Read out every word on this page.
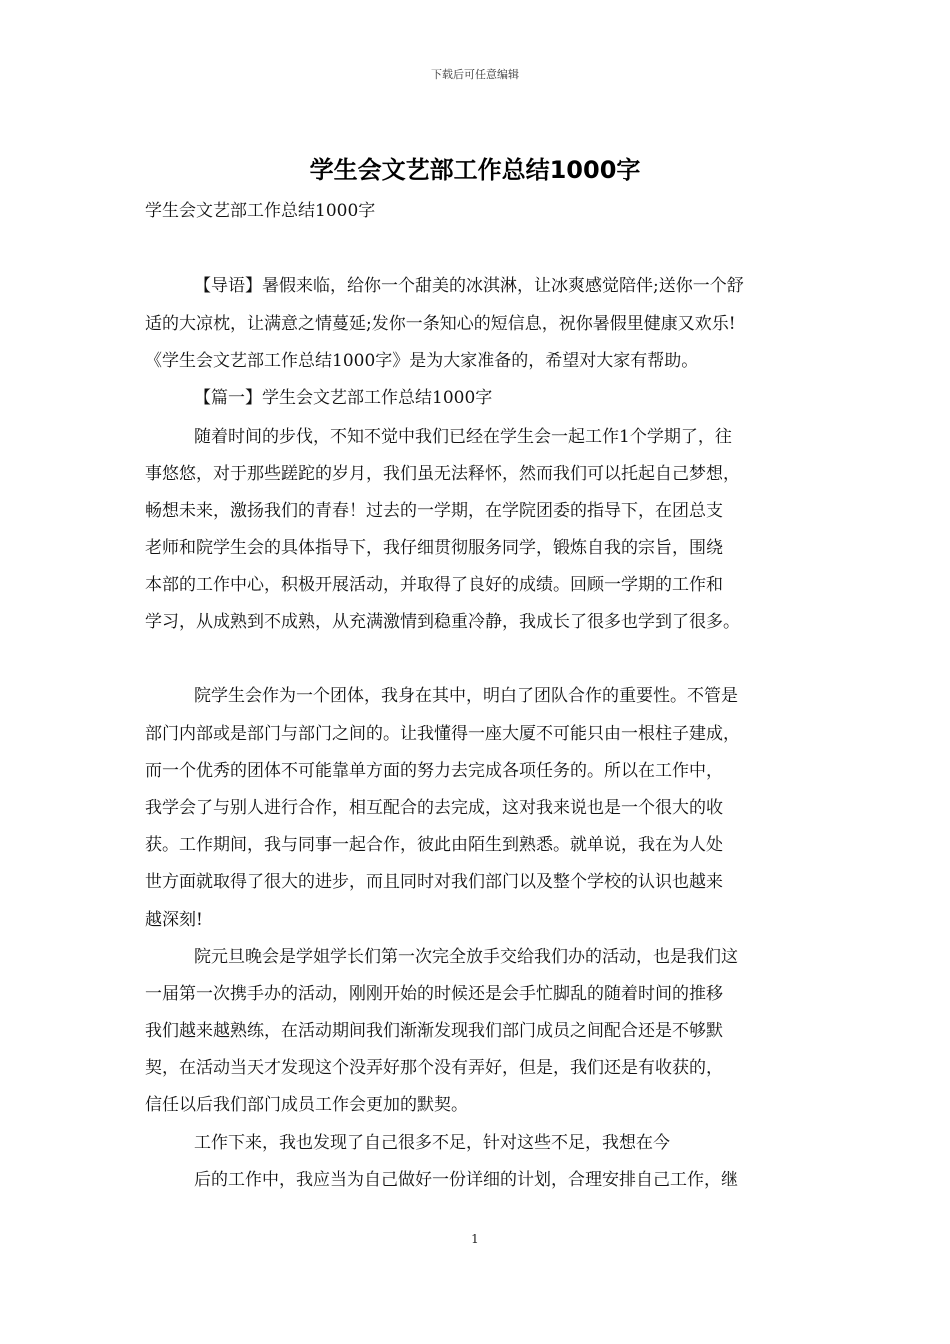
下载后可任意编辑
学生会文艺部工作总结1000字
学生会文艺部工作总结1000字
【导语】暑假来临，给你一个甜美的冰淇淋，让冰爽感觉陪伴;送你一个舒
适的大凉枕，让满意之情蔓延;发你一条知心的短信息，祝你暑假里健康又欢乐!
《学生会文艺部工作总结1000字》是为大家准备的，希望对大家有帮助。
【篇一】学生会文艺部工作总结1000字
随着时间的步伐，不知不觉中我们已经在学生会一起工作1个学期了，往
事悠悠，对于那些蹉跎的岁月，我们虽无法释怀，然而我们可以托起自己梦想，
畅想未来，激扬我们的青春！过去的一学期，在学院团委的指导下，在团总支
老师和院学生会的具体指导下，我仔细贯彻服务同学，锻炼自我的宗旨，围绕
本部的工作中心，积极开展活动，并取得了良好的成绩。回顾一学期的工作和
学习，从成熟到不成熟，从充满激情到稳重冷静，我成长了很多也学到了很多。
院学生会作为一个团体，我身在其中，明白了团队合作的重要性。不管是
部门内部或是部门与部门之间的。让我懂得一座大厦不可能只由一根柱子建成，
而一个优秀的团体不可能靠单方面的努力去完成各项任务的。所以在工作中，
我学会了与别人进行合作，相互配合的去完成，这对我来说也是一个很大的收
获。工作期间，我与同事一起合作，彼此由陌生到熟悉。就单说，我在为人处
世方面就取得了很大的进步，而且同时对我们部门以及整个学校的认识也越来
越深刻!
院元旦晚会是学姐学长们第一次完全放手交给我们办的活动，也是我们这
一届第一次携手办的活动，刚刚开始的时候还是会手忙脚乱的随着时间的推移
我们越来越熟练，在活动期间我们渐渐发现我们部门成员之间配合还是不够默
契，在活动当天才发现这个没弄好那个没有弄好，但是，我们还是有收获的，
信任以后我们部门成员工作会更加的默契。
工作下来，我也发现了自己很多不足，针对这些不足，我想在今
后的工作中，我应当为自己做好一份详细的计划，合理安排自己工作，继
1
